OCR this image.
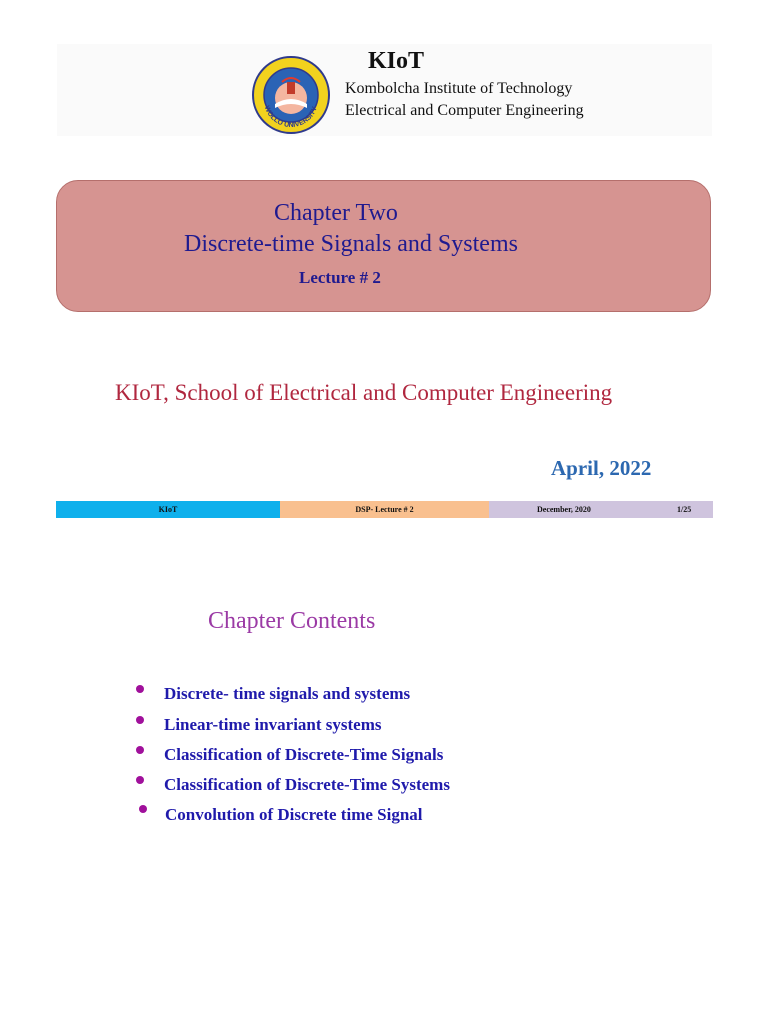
WOLLO UNIVERSITY
KIoT
Kombolcha Institute of Technology
Electrical and Computer Engineering
Chapter Two
Discrete-time Signals and Systems
Lecture # 2
KIoT, School of Electrical and Computer Engineering
April, 2022
KIoT	DSP- Lecture # 2	December, 2020	1/25
Chapter Contents
Discrete- time signals and systems
Linear-time invariant systems
Classification of Discrete-Time Signals
Classification of Discrete-Time Systems
Convolution of Discrete time Signal
